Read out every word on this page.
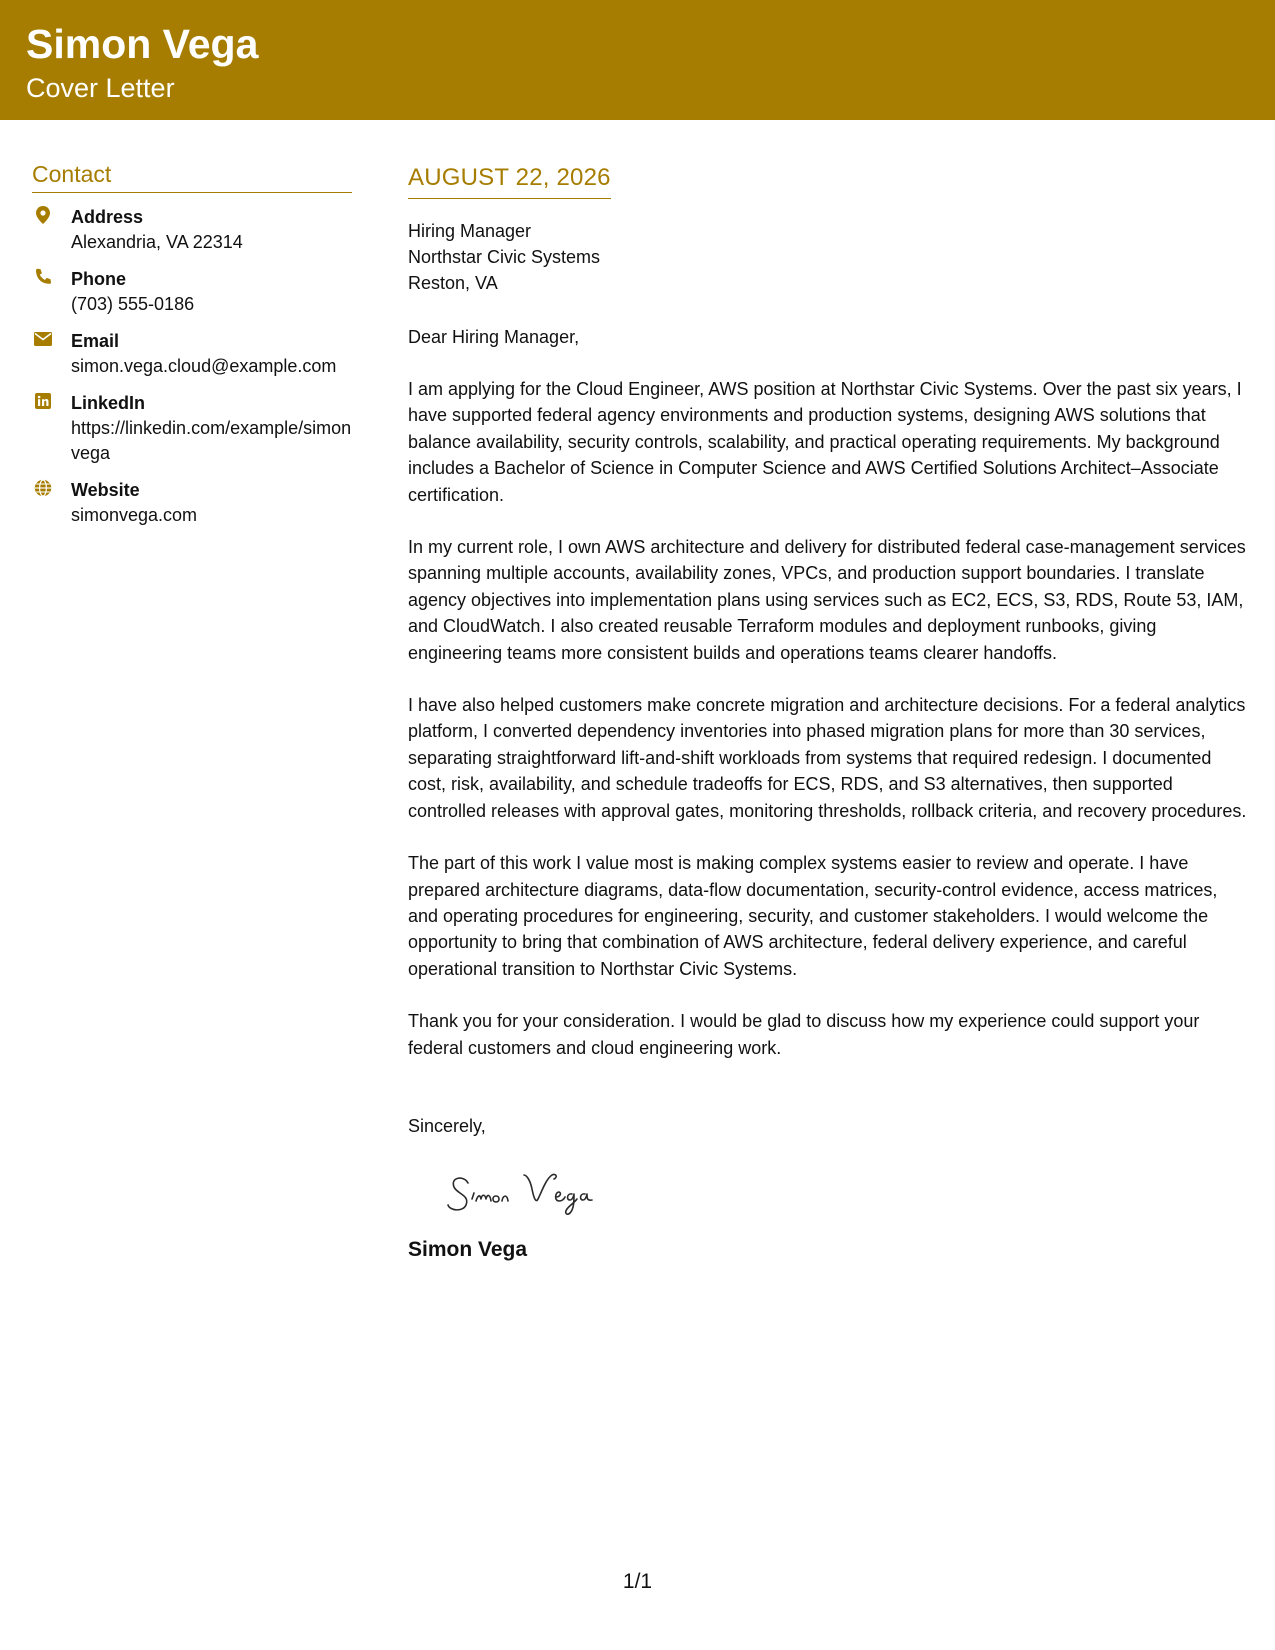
Simon Vega
Cover Letter
Contact
Address
Alexandria, VA 22314
Phone
(703) 555-0186
Email
simon.vega.cloud@example.com
LinkedIn
https://linkedin.com/example/simonvega
Website
simonvega.com
AUGUST 22, 2026
Hiring Manager
Northstar Civic Systems
Reston, VA
Dear Hiring Manager,
I am applying for the Cloud Engineer, AWS position at Northstar Civic Systems. Over the past six years, I have supported federal agency environments and production systems, designing AWS solutions that balance availability, security controls, scalability, and practical operating requirements. My background includes a Bachelor of Science in Computer Science and AWS Certified Solutions Architect–Associate certification.
In my current role, I own AWS architecture and delivery for distributed federal case-management services spanning multiple accounts, availability zones, VPCs, and production support boundaries. I translate agency objectives into implementation plans using services such as EC2, ECS, S3, RDS, Route 53, IAM, and CloudWatch. I also created reusable Terraform modules and deployment runbooks, giving engineering teams more consistent builds and operations teams clearer handoffs.
I have also helped customers make concrete migration and architecture decisions. For a federal analytics platform, I converted dependency inventories into phased migration plans for more than 30 services, separating straightforward lift-and-shift workloads from systems that required redesign. I documented cost, risk, availability, and schedule tradeoffs for ECS, RDS, and S3 alternatives, then supported controlled releases with approval gates, monitoring thresholds, rollback criteria, and recovery procedures.
The part of this work I value most is making complex systems easier to review and operate. I have prepared architecture diagrams, data-flow documentation, security-control evidence, access matrices, and operating procedures for engineering, security, and customer stakeholders. I would welcome the opportunity to bring that combination of AWS architecture, federal delivery experience, and careful operational transition to Northstar Civic Systems.
Thank you for your consideration. I would be glad to discuss how my experience could support your federal customers and cloud engineering work.
Sincerely,
Simon Vega
1/1
